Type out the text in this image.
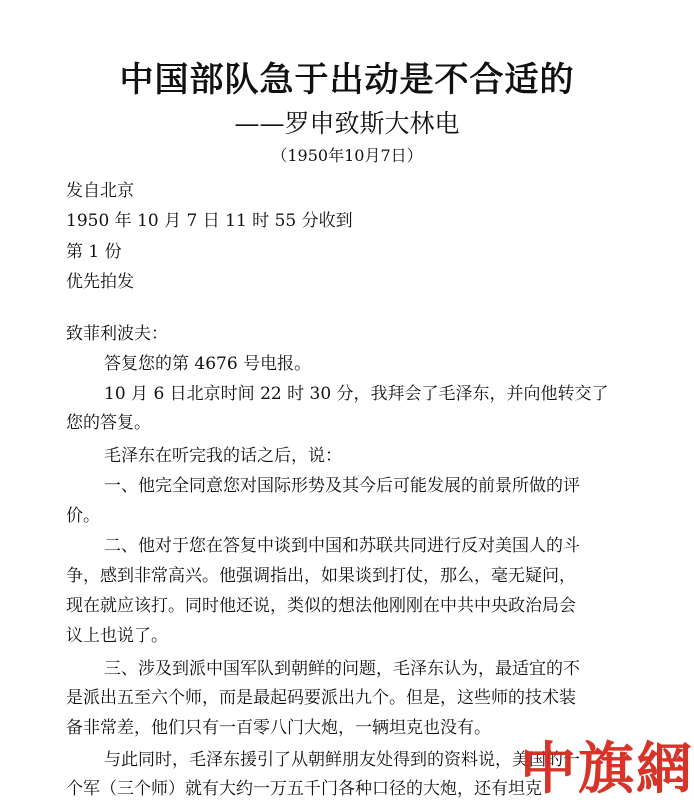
中国部队急于出动是不合适的
——罗申致斯大林电
（1950年10月7日）
发自北京
1950 年 10 月 7 日 11 时 55 分收到
第 1 份
优先拍发
致菲利波夫：
答复您的第 4676 号电报。
10 月 6 日北京时间 22 时 30 分，我拜会了毛泽东，并向他转交了
您的答复。
毛泽东在听完我的话之后，说：
一、他完全同意您对国际形势及其今后可能发展的前景所做的评
价。
二、他对于您在答复中谈到中国和苏联共同进行反对美国人的斗
争，感到非常高兴。他强调指出，如果谈到打仗，那么，毫无疑问，
现在就应该打。同时他还说，类似的想法他刚刚在中共中央政治局会
议上也说了。
三、涉及到派中国军队到朝鲜的问题，毛泽东认为，最适宜的不
是派出五至六个师，而是最起码要派出九个。但是，这些师的技术装
备非常差，他们只有一百零八门大炮，一辆坦克也没有。
与此同时，毛泽东援引了从朝鲜朋友处得到的资料说，美国的一
个军（三个师）就有大约一万五千门各种口径的大炮，还有坦克
中旗網
